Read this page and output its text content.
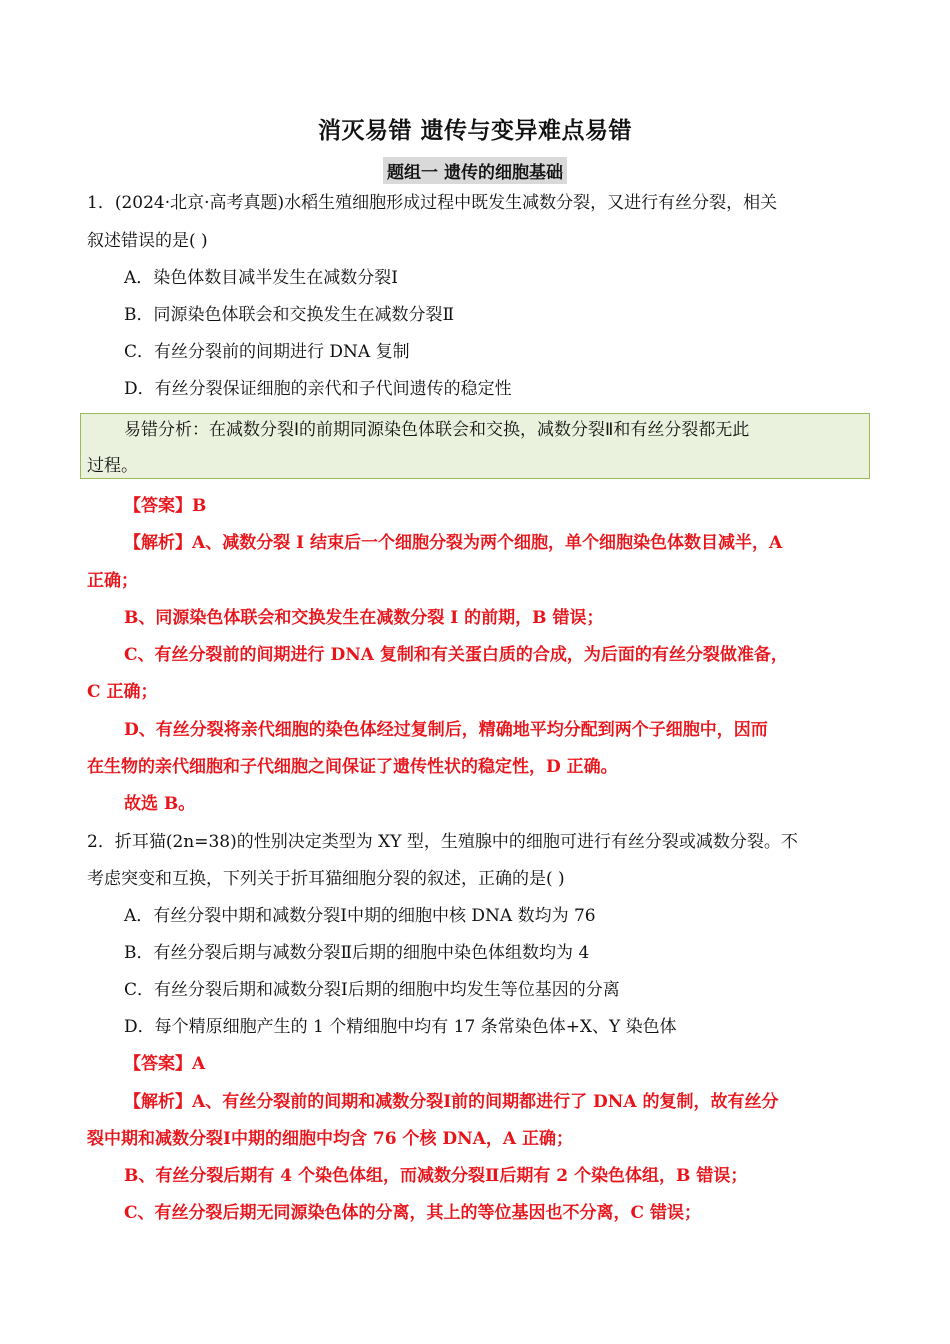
消灭易错 遗传与变异难点易错
题组一 遗传的细胞基础
1．(2024·北京·高考真题)水稻生殖细胞形成过程中既发生减数分裂，又进行有丝分裂，相关
叙述错误的是( )
A．染色体数目减半发生在减数分裂Ⅰ
B．同源染色体联会和交换发生在减数分裂Ⅱ
C．有丝分裂前的间期进行 DNA 复制
D．有丝分裂保证细胞的亲代和子代间遗传的稳定性
易错分析：在减数分裂Ⅰ的前期同源染色体联会和交换，减数分裂Ⅱ和有丝分裂都无此
过程。
【答案】B
【解析】A、减数分裂 I 结束后一个细胞分裂为两个细胞，单个细胞染色体数目减半，A
正确；
B、同源染色体联会和交换发生在减数分裂 I 的前期，B 错误；
C、有丝分裂前的间期进行 DNA 复制和有关蛋白质的合成，为后面的有丝分裂做准备，
C 正确；
D、有丝分裂将亲代细胞的染色体经过复制后，精确地平均分配到两个子细胞中，因而
在生物的亲代细胞和子代细胞之间保证了遗传性状的稳定性，D 正确。
故选 B。
2．折耳猫(2n=38)的性别决定类型为 XY 型，生殖腺中的细胞可进行有丝分裂或减数分裂。不
考虑突变和互换，下列关于折耳猫细胞分裂的叙述，正确的是( )
A．有丝分裂中期和减数分裂Ⅰ中期的细胞中核 DNA 数均为 76
B．有丝分裂后期与减数分裂Ⅱ后期的细胞中染色体组数均为 4
C．有丝分裂后期和减数分裂Ⅰ后期的细胞中均发生等位基因的分离
D．每个精原细胞产生的 1 个精细胞中均有 17 条常染色体+X、Y 染色体
【答案】A
【解析】A、有丝分裂前的间期和减数分裂Ⅰ前的间期都进行了 DNA 的复制，故有丝分
裂中期和减数分裂Ⅰ中期的细胞中均含 76 个核 DNA，A 正确；
B、有丝分裂后期有 4 个染色体组，而减数分裂Ⅱ后期有 2 个染色体组，B 错误；
C、有丝分裂后期无同源染色体的分离，其上的等位基因也不分离，C 错误；
